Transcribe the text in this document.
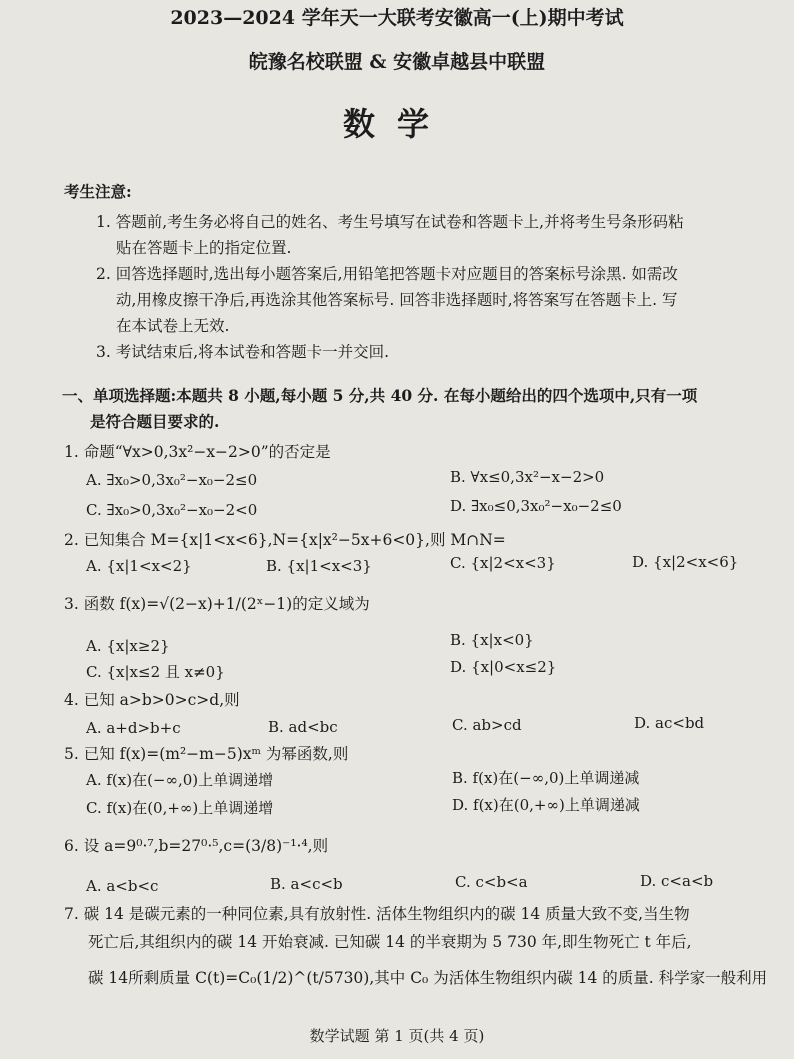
2023—2024 学年天一大联考安徽高一(上)期中考试
皖豫名校联盟 & 安徽卓越县中联盟
数学
考生注意:
1. 答题前,考生务必将自己的姓名、考生号填写在试卷和答题卡上,并将考生号条形码粘
贴在答题卡上的指定位置.
2. 回答选择题时,选出每小题答案后,用铅笔把答题卡对应题目的答案标号涂黑. 如需改
动,用橡皮擦干净后,再选涂其他答案标号. 回答非选择题时,将答案写在答题卡上. 写
在本试卷上无效.
3. 考试结束后,将本试卷和答题卡一并交回.
一、单项选择题:本题共 8 小题,每小题 5 分,共 40 分. 在每小题给出的四个选项中,只有一项
是符合题目要求的.
1. 命题“∀x>0,3x²−x−2>0”的否定是
A. ∃x₀>0,3x₀²−x₀−2≤0	B. ∀x≤0,3x²−x−2>0
C. ∃x₀>0,3x₀²−x₀−2<0	D. ∃x₀≤0,3x₀²−x₀−2≤0
2. 已知集合 M={x|1<x<6},N={x|x²−5x+6<0},则 M∩N=
A. {x|1<x<2}	B. {x|1<x<3}	C. {x|2<x<3}	D. {x|2<x<6}
3. 函数 f(x)=√(2−x)+1/(2ˣ−1)的定义域为
A. {x|x≥2}	B. {x|x<0}
C. {x|x≤2 且 x≠0}	D. {x|0<x≤2}
4. 已知 a>b>0>c>d,则
A. a+d>b+c	B. ad<bc	C. ab>cd	D. ac<bd
5. 已知 f(x)=(m²−m−5)xᵐ 为幂函数,则
A. f(x)在(−∞,0)上单调递增	B. f(x)在(−∞,0)上单调递减
C. f(x)在(0,+∞)上单调递增	D. f(x)在(0,+∞)上单调递减
6. 设 a=9⁰·⁷,b=27⁰·⁵,c=(3/8)⁻¹·⁴,则
A. a<b<c	B. a<c<b	C. c<b<a	D. c<a<b
7. 碳 14 是碳元素的一种同位素,具有放射性. 活体生物组织内的碳 14 质量大致不变,当生物
死亡后,其组织内的碳 14 开始衰减. 已知碳 14 的半衰期为 5 730 年,即生物死亡 t 年后,
碳 14所剩质量 C(t)=C₀(1/2)^(t/5730),其中 C₀ 为活体生物组织内碳 14 的质量. 科学家一般利用
数学试题 第 1 页(共 4 页)
